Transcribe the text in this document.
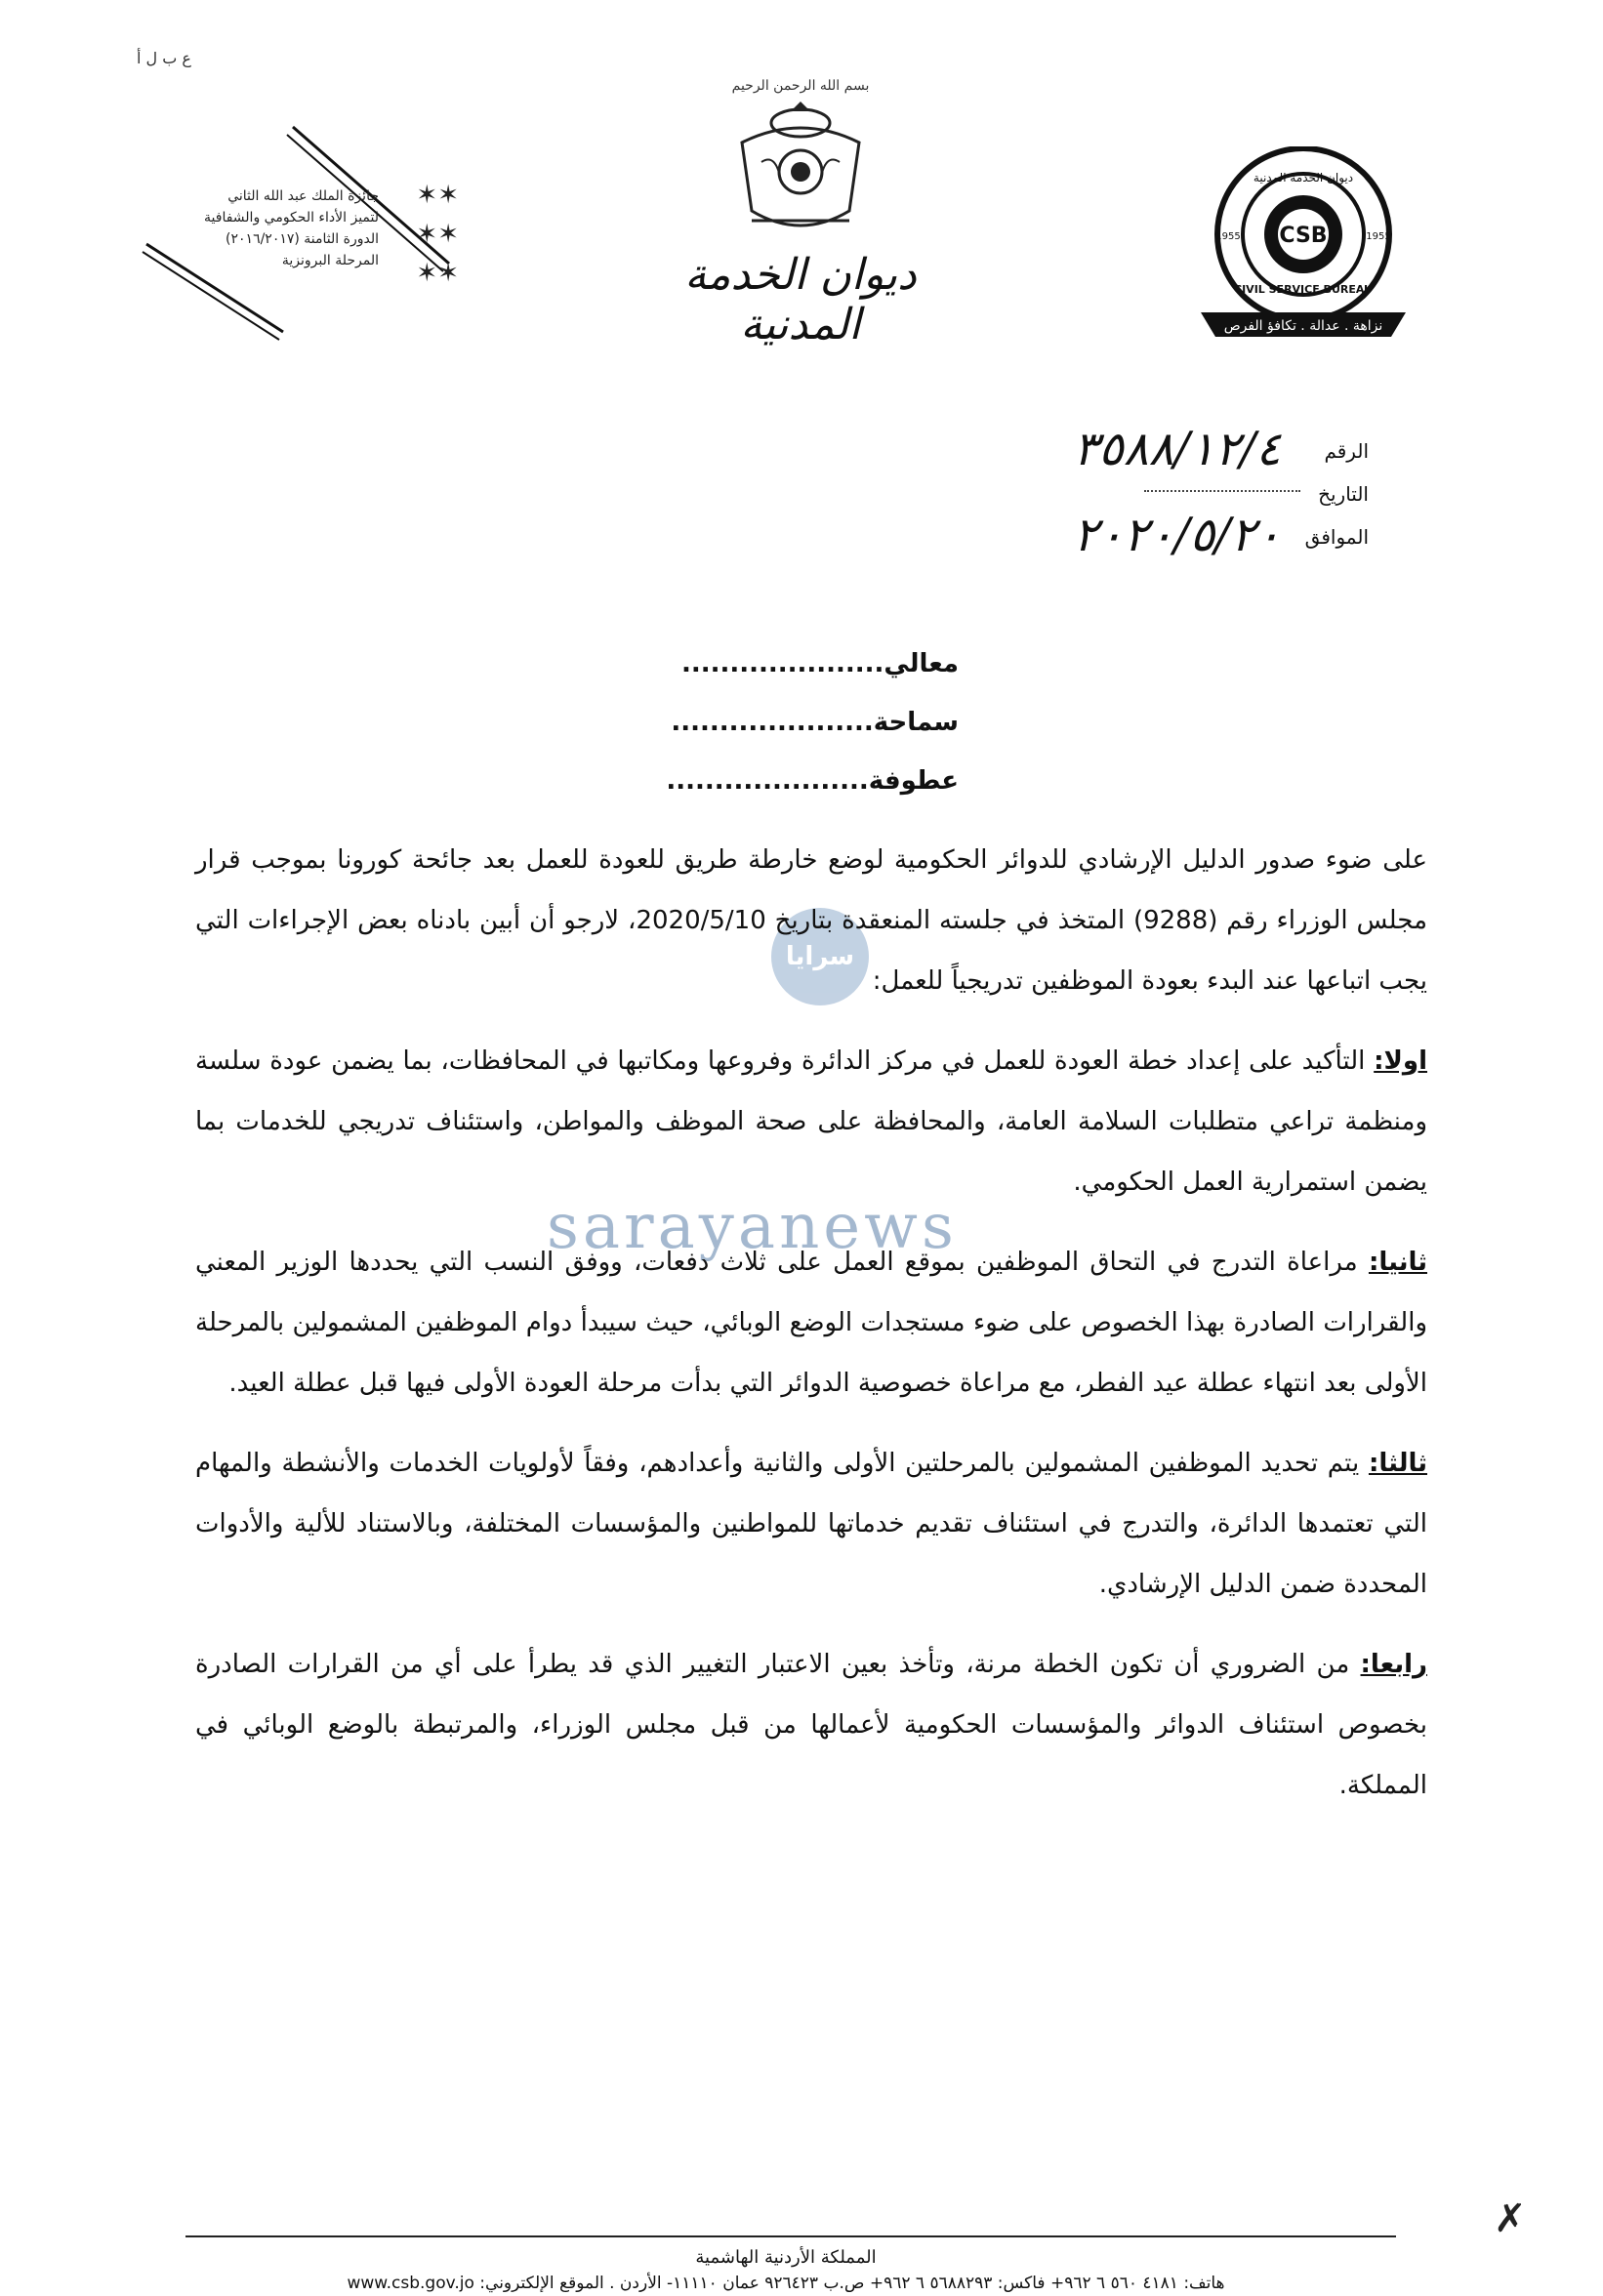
✶✶
✶✶
✶✶
جائزة الملك عبد الله الثاني
لتميز الأداء الحكومي والشفافية
الدورة الثامنة (٢٠١٦/٢٠١٧)
المرحلة البرونزية
ع ب ل أ
بسم الله الرحمن الرحيم
ديوان الخدمة المدنية
CSB
نزاهة . عدالة . تكافؤ الفرص
CIVIL SERVICE BUREAU
ديوان الخدمة المدنية
1955	1955
الرقم
٣٥٨٨/١٢/٤
التاريخ
الموافق
٢٠٢٠/٥/٢٠
معالي.....................
سماحة.....................
عطوفة.....................
سرايا
sarayanews

على ضوء صدور الدليل الإرشادي للدوائر الحكومية لوضع خارطة طريق للعودة للعمل بعد جائحة كورونا بموجب قرار مجلس الوزراء رقم (9288) المتخذ في جلسته المنعقدة بتاريخ 2020/5/10، لارجو أن أبين بادناه بعض الإجراءات التي يجب اتباعها عند البدء بعودة الموظفين تدريجياً للعمل:

اولا: التأكيد على إعداد خطة العودة للعمل في مركز الدائرة وفروعها ومكاتبها في المحافظات، بما يضمن عودة سلسة ومنظمة تراعي متطلبات السلامة العامة، والمحافظة على صحة الموظف والمواطن، واستئناف تدريجي للخدمات بما يضمن استمرارية العمل الحكومي.

ثانيا: مراعاة التدرج في التحاق الموظفين بموقع العمل على ثلاث دفعات، ووفق النسب التي يحددها الوزير المعني والقرارات الصادرة بهذا الخصوص على ضوء مستجدات الوضع الوبائي، حيث سيبدأ دوام الموظفين المشمولين بالمرحلة الأولى بعد انتهاء عطلة عيد الفطر، مع مراعاة خصوصية الدوائر التي بدأت مرحلة العودة الأولى فيها قبل عطلة العيد.

ثالثا: يتم تحديد الموظفين المشمولين بالمرحلتين الأولى والثانية وأعدادهم، وفقاً لأولويات الخدمات والأنشطة والمهام التي تعتمدها الدائرة، والتدرج في استئناف تقديم خدماتها للمواطنين والمؤسسات المختلفة، وبالاستناد للألية والأدوات المحددة ضمن الدليل الإرشادي.

رابعا: من الضروري أن تكون الخطة مرنة، وتأخذ بعين الاعتبار التغيير الذي قد يطرأ على أي من القرارات الصادرة بخصوص استئناف الدوائر والمؤسسات الحكومية لأعمالها من قبل مجلس الوزراء، والمرتبطة بالوضع الوبائي في المملكة.

المملكة الأردنية الهاشمية
هاتف: ٤١٨١ ٥٦٠ ٦ ٩٦٢+ فاكس: ٥٦٨٨٢٩٣ ٦ ٩٦٢+ ص.ب ٩٢٦٤٢٣ عمان ١١١١٠- الأردن . الموقع الإلكتروني: www.csb.gov.jo
✗
